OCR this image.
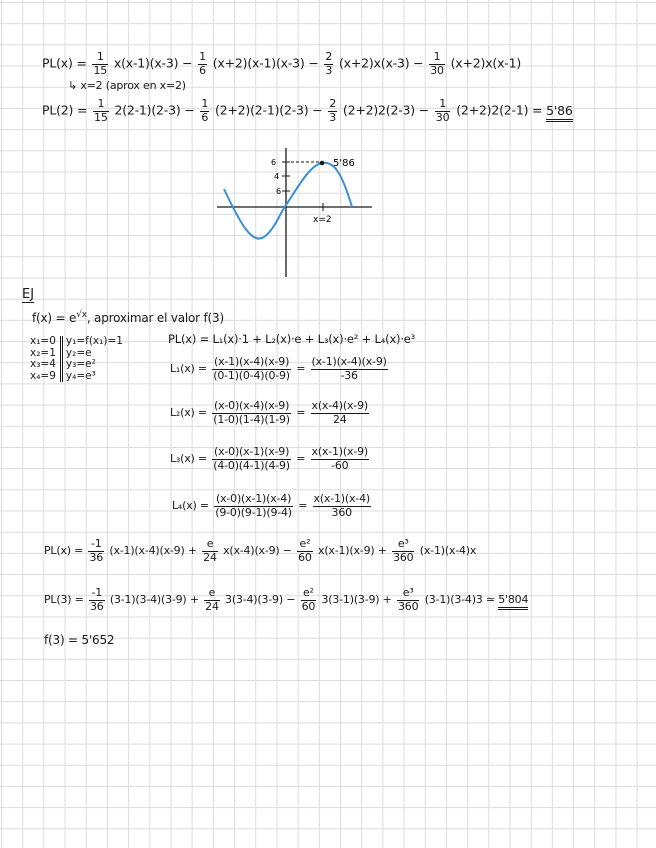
$PL(x) = \frac{1}{15} x(x-1)(x-3) - \frac{1}{6} (x+2)(x-1)(x-3) - \frac{2}{3} (x+2)x(x-3) - \frac{1}{30} (x+2)x(x-1)$
↳ x=2 (aprox en x=2)
$PL(2) = \frac{1}{15} 2(2-1)(2-3) - \frac{1}{6} (2+2)(2-1)(2-3) - \frac{2}{3} (2+2)2(2-3) - \frac{1}{30} (2+2)2(2-1) = 5'86$
6
4
6
5'86
x=2
EJ
$f(x) = e^{√x}$, aproximar el valor f(3)
x₁=0
x₂=1
x₃=4
x₄=9
y₁=f(x₁)=1
y₂=e
y₃=e²
y₄=e³
PL(x) = L₁(x)·1 + L₂(x)·e + L₃(x)·e² + L₄(x)·e³
$L_1(x) = \frac{(x-1)(x-4)(x-9)}{(0-1)(0-4)(0-9)} = \frac{(x-1)(x-4)(x-9)}{-36}$
$L_2(x) = \frac{(x-0)(x-4)(x-9)}{(1-0)(1-4)(1-9)} = \frac{x(x-4)(x-9)}{24}$
$L_3(x) = \frac{(x-0)(x-1)(x-9)}{(4-0)(4-1)(4-9)} = \frac{x(x-1)(x-9)}{-60}$
$L_4(x) = \frac{(x-0)(x-1)(x-4)}{(9-0)(9-1)(9-4)} = \frac{x(x-1)(x-4)}{360}$
$PL(x) = \frac{-1}{36} (x-1)(x-4)(x-9) + \frac{e}{24} x(x-4)(x-9) - \frac{\text{e²}}{60} x(x-1)(x-9) + \frac{\text{e³}}{360} (x-1)(x-4)x$
$PL(3) = \frac{-1}{36} (3-1)(3-4)(3-9) + \frac{e}{24} 3(3-4)(3-9) - \frac{\text{e²}}{60} 3(3-1)(3-9) + \frac{\text{e³}}{360} (3-1)(3-4)3$ ≃ 5'804
f(3) = 5'652
